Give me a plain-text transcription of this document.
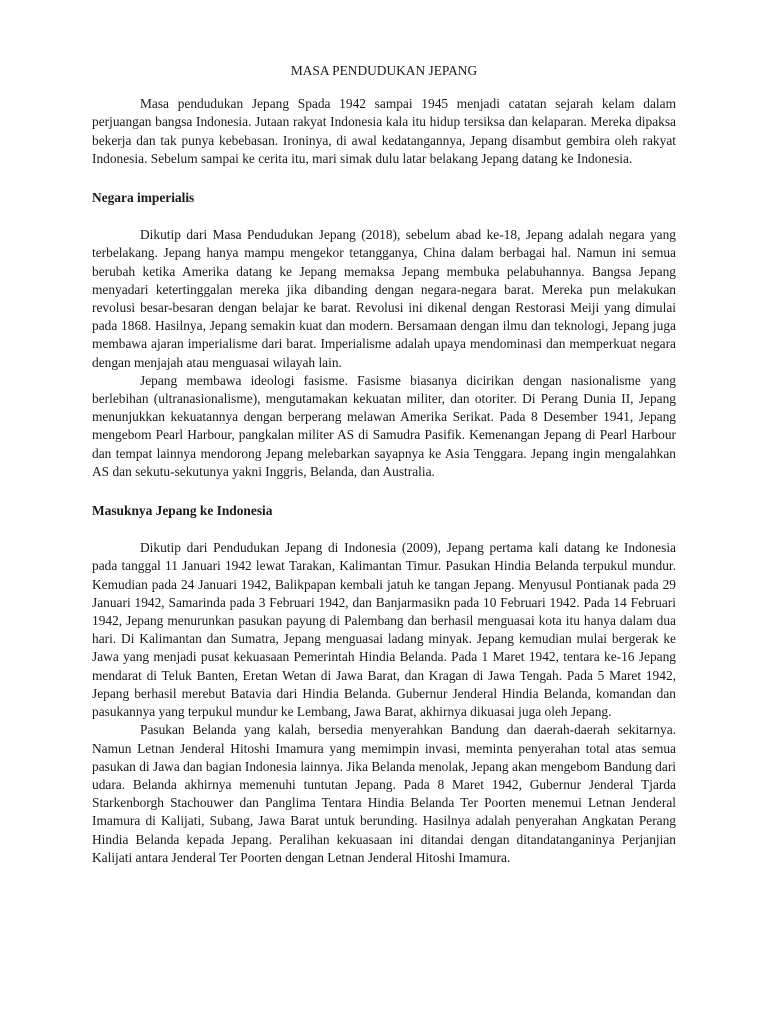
MASA PENDUDUKAN JEPANG

Masa pendudukan Jepang Spada 1942 sampai 1945 menjadi catatan sejarah kelam dalam perjuangan bangsa Indonesia. Jutaan rakyat Indonesia kala itu hidup tersiksa dan kelaparan. Mereka dipaksa bekerja dan tak punya kebebasan. Ironinya, di awal kedatangannya, Jepang disambut gembira oleh rakyat Indonesia. Sebelum sampai ke cerita itu, mari simak dulu latar belakang Jepang datang ke Indonesia.

Negara imperialis

Dikutip dari Masa Pendudukan Jepang (2018), sebelum abad ke-18, Jepang adalah negara yang terbelakang. Jepang hanya mampu mengekor tetangganya, China dalam berbagai hal. Namun ini semua berubah ketika Amerika datang ke Jepang memaksa Jepang membuka pelabuhannya. Bangsa Jepang menyadari ketertinggalan mereka jika dibanding dengan negara-negara barat. Mereka pun melakukan revolusi besar-besaran dengan belajar ke barat. Revolusi ini dikenal dengan Restorasi Meiji yang dimulai pada 1868. Hasilnya, Jepang semakin kuat dan modern. Bersamaan dengan ilmu dan teknologi, Jepang juga membawa ajaran imperialisme dari barat. Imperialisme adalah upaya mendominasi dan memperkuat negara dengan menjajah atau menguasai wilayah lain.

Jepang membawa ideologi fasisme. Fasisme biasanya dicirikan dengan nasionalisme yang berlebihan (ultranasionalisme), mengutamakan kekuatan militer, dan otoriter. Di Perang Dunia II, Jepang menunjukkan kekuatannya dengan berperang melawan Amerika Serikat. Pada 8 Desember 1941, Jepang mengebom Pearl Harbour, pangkalan militer AS di Samudra Pasifik. Kemenangan Jepang di Pearl Harbour dan tempat lainnya mendorong Jepang melebarkan sayapnya ke Asia Tenggara. Jepang ingin mengalahkan AS dan sekutu-sekutunya yakni Inggris, Belanda, dan Australia.

Masuknya Jepang ke Indonesia

Dikutip dari Pendudukan Jepang di Indonesia (2009), Jepang pertama kali datang ke Indonesia pada tanggal 11 Januari 1942 lewat Tarakan, Kalimantan Timur. Pasukan Hindia Belanda terpukul mundur. Kemudian pada 24 Januari 1942, Balikpapan kembali jatuh ke tangan Jepang. Menyusul Pontianak pada 29 Januari 1942, Samarinda pada 3 Februari 1942, dan Banjarmasikn pada 10 Februari 1942. Pada 14 Februari 1942, Jepang menurunkan pasukan payung di Palembang dan berhasil menguasai kota itu hanya dalam dua hari. Di Kalimantan dan Sumatra, Jepang menguasai ladang minyak. Jepang kemudian mulai bergerak ke Jawa yang menjadi pusat kekuasaan Pemerintah Hindia Belanda. Pada 1 Maret 1942, tentara ke-16 Jepang mendarat di Teluk Banten, Eretan Wetan di Jawa Barat, dan Kragan di Jawa Tengah. Pada 5 Maret 1942, Jepang berhasil merebut Batavia dari Hindia Belanda. Gubernur Jenderal Hindia Belanda, komandan dan pasukannya yang terpukul mundur ke Lembang, Jawa Barat, akhirnya dikuasai juga oleh Jepang.

Pasukan Belanda yang kalah, bersedia menyerahkan Bandung dan daerah-daerah sekitarnya. Namun Letnan Jenderal Hitoshi Imamura yang memimpin invasi, meminta penyerahan total atas semua pasukan di Jawa dan bagian Indonesia lainnya. Jika Belanda menolak, Jepang akan mengebom Bandung dari udara. Belanda akhirnya memenuhi tuntutan Jepang. Pada 8 Maret 1942, Gubernur Jenderal Tjarda Starkenborgh Stachouwer dan Panglima Tentara Hindia Belanda Ter Poorten menemui Letnan Jenderal Imamura di Kalijati, Subang, Jawa Barat untuk berunding. Hasilnya adalah penyerahan Angkatan Perang Hindia Belanda kepada Jepang. Peralihan kekuasaan ini ditandai dengan ditandatanganinya Perjanjian Kalijati antara Jenderal Ter Poorten dengan Letnan Jenderal Hitoshi Imamura.
